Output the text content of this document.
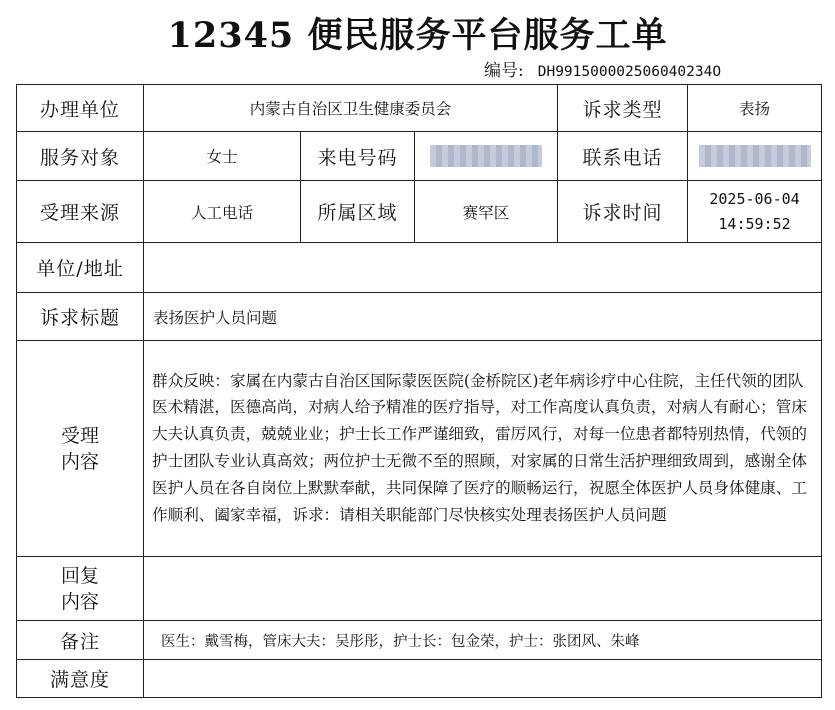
12345 便民服务平台服务工单
编号: DH991500002506040234O
办理单位	内蒙古自治区卫生健康委员会			诉求类型	表扬
服务对象	女士	来电号码		联系电话	
受理来源	人工电话	所属区域	赛罕区	诉求时间	2025-06-04
14:59:52

单位/地址					
诉求标题	表扬医护人员问题				

受理
内容	群众反映：家属在内蒙古自治区国际蒙医医院(金桥院区)老年病诊疗中心住院，主任代领的团队医术精湛，医德高尚，对病人给予精准的医疗指导，对工作高度认真负责，对病人有耐心；管床大夫认真负责，兢兢业业；护士长工作严谨细致，雷厉风行，对每一位患者都特别热情，代领的护士团队专业认真高效；两位护士无微不至的照顾，对家属的日常生活护理细致周到，感谢全体医护人员在各自岗位上默默奉献，共同保障了医疗的顺畅运行，祝愿全体医护人员身体健康、工作顺利、阖家幸福，诉求：请相关职能部门尽快核实处理表扬医护人员问题				

回复
内容					

备注	医生：戴雪梅，管床大夫：吴彤彤，护士长：包金荣，护士：张团风、朱峰				
满意度					
